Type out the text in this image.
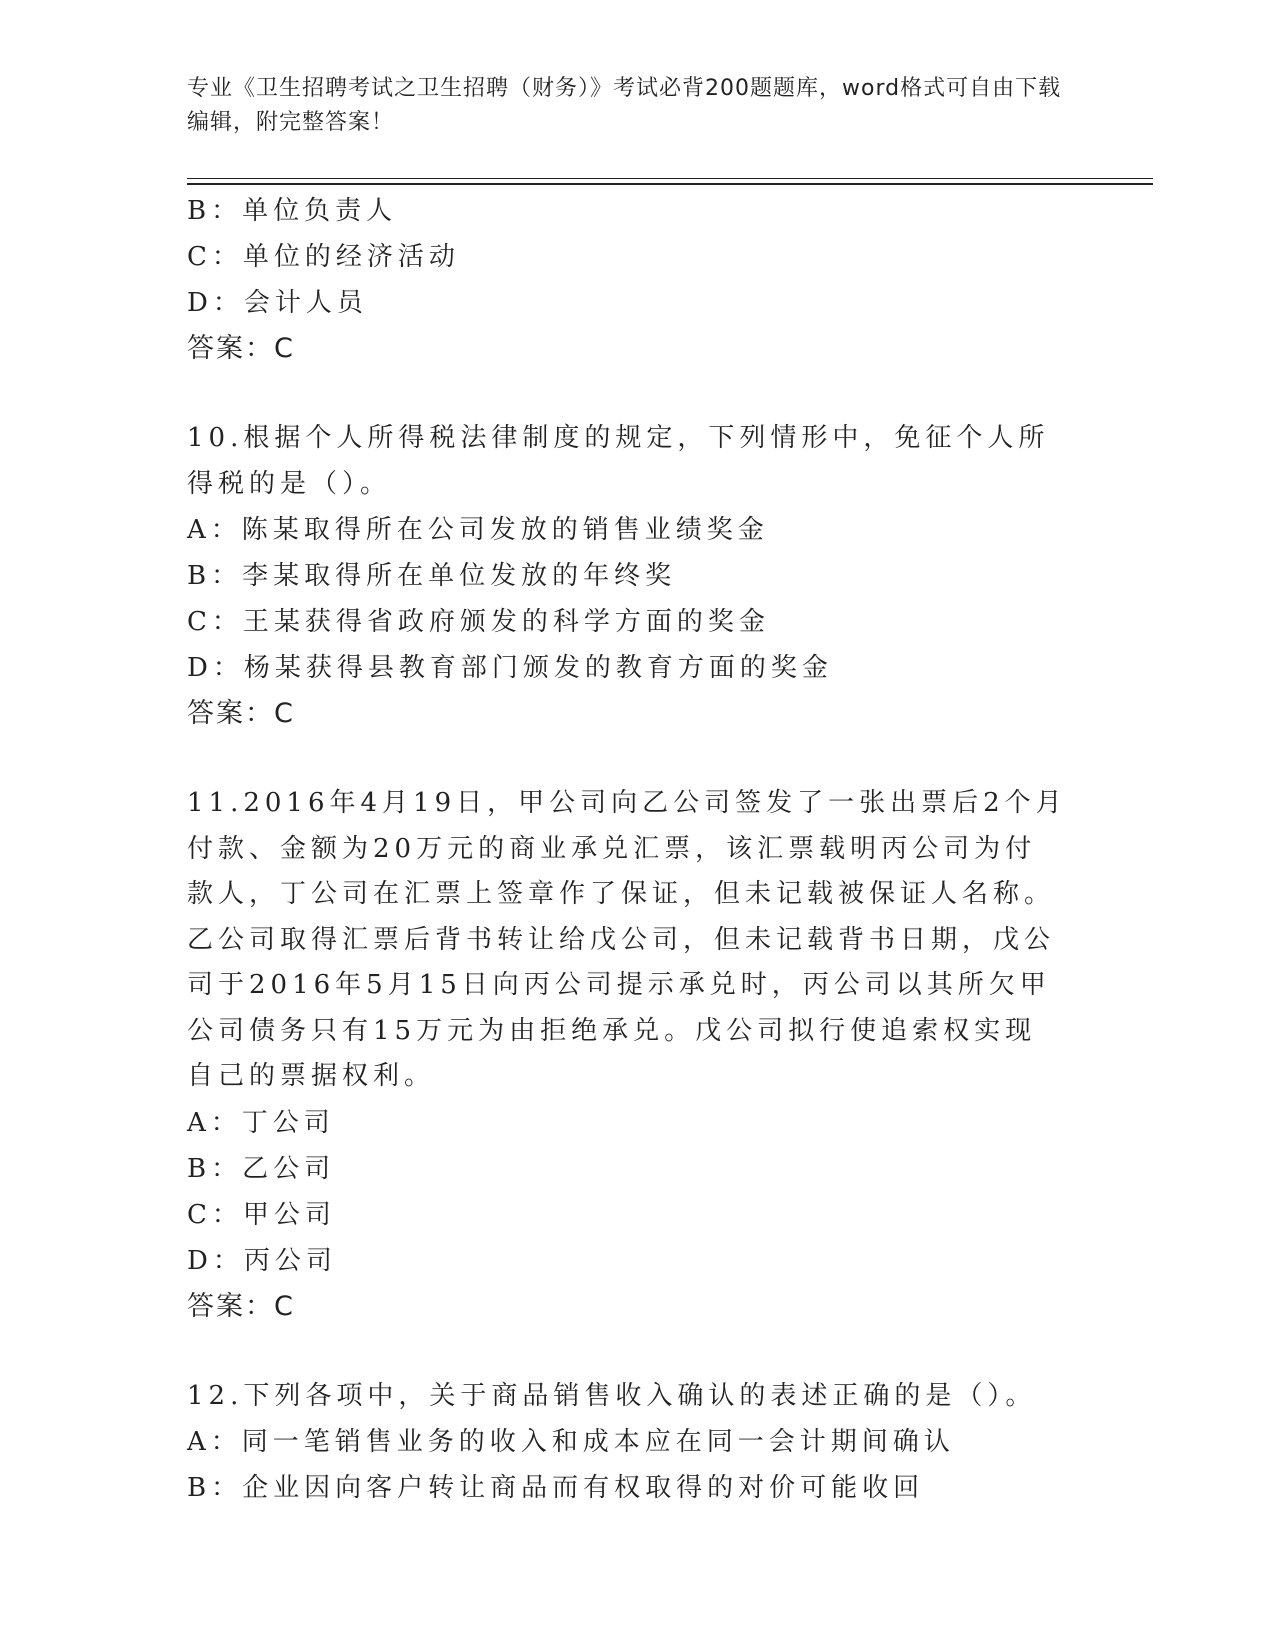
专业《卫生招聘考试之卫生招聘（财务）》考试必背200题题库，word格式可自由下载编辑，附完整答案！
B：单位负责人
C：单位的经济活动
D：会计人员
答案：C
10.根据个人所得税法律制度的规定，下列情形中，免征个人所得税的是（）。
A：陈某取得所在公司发放的销售业绩奖金
B：李某取得所在单位发放的年终奖
C：王某获得省政府颁发的科学方面的奖金
D：杨某获得县教育部门颁发的教育方面的奖金
答案：C
11.2016年4月19日，甲公司向乙公司签发了一张出票后2个月付款、金额为20万元的商业承兑汇票，该汇票载明丙公司为付款人，丁公司在汇票上签章作了保证，但未记载被保证人名称。乙公司取得汇票后背书转让给戊公司，但未记载背书日期，戊公司于2016年5月15日向丙公司提示承兑时，丙公司以其所欠甲公司债务只有15万元为由拒绝承兑。戊公司拟行使追索权实现自己的票据权利。
A：丁公司
B：乙公司
C：甲公司
D：丙公司
答案：C
12.下列各项中，关于商品销售收入确认的表述正确的是（）。
A：同一笔销售业务的收入和成本应在同一会计期间确认
B：企业因向客户转让商品而有权取得的对价可能收回
